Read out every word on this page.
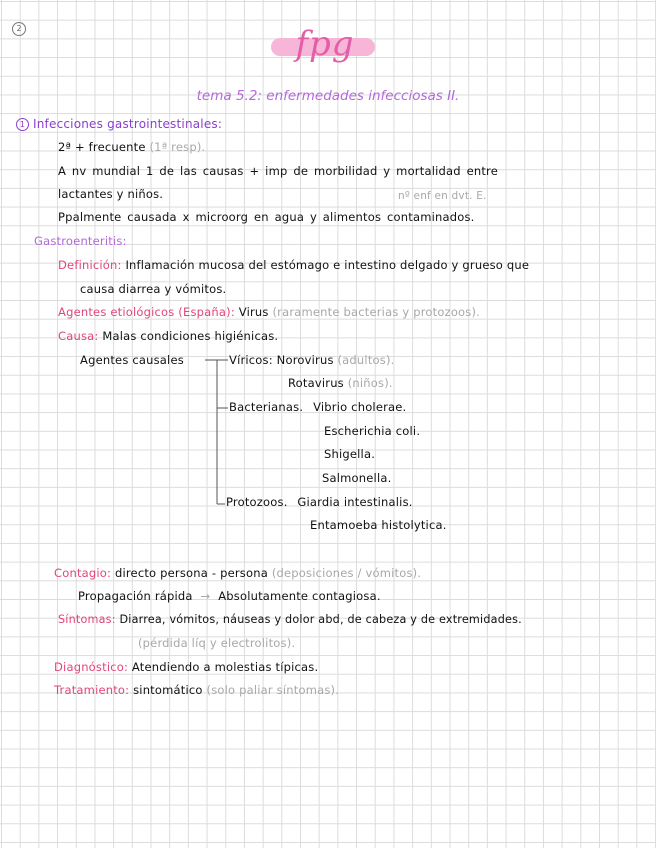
2	fpg
tema 5.2: enfermedades infecciosas II.
1 Infecciones gastrointestinales:
2ª + frecuente (1ª resp).
A nv mundial 1 de las causas + imp de morbilidad y mortalidad entre
lactantes y niños.	nº enf en dvt. E.
Ppalmente causada x microorg en agua y alimentos contaminados.
Gastroenteritis:
Definición: Inflamación mucosa del estómago e intestino delgado y grueso que
causa diarrea y vómitos.
Agentes etiológicos (España): Virus (raramente bacterias y protozoos).
Causa: Malas condiciones higiénicas.
Agentes causales	Víricos: Norovirus (adultos).
Rotavirus (niños).
Bacterianas. Vibrio cholerae.
Escherichia coli.
Shigella.
Salmonella.
Protozoos. Giardia intestinalis.
Entamoeba histolytica.
Contagio: directo persona - persona (deposiciones / vómitos).
Propagación rápida → Absolutamente contagiosa.
Síntomas: Diarrea, vómitos, náuseas y dolor abd, de cabeza y de extremidades.
(pérdida líq y electrolitos).
Diagnóstico: Atendiendo a molestias típicas.
Tratamiento: sintomático (solo paliar síntomas).
